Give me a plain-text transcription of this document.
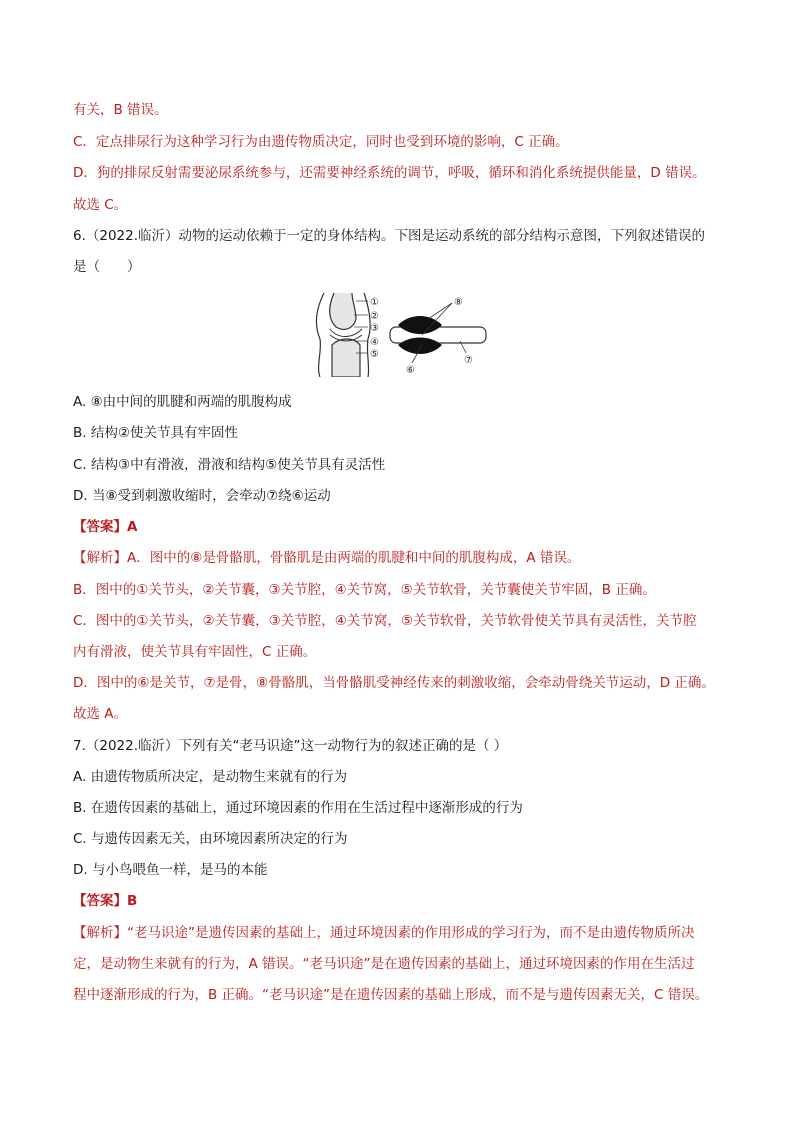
有关，B 错误。
C．定点排尿行为这种学习行为由遗传物质决定，同时也受到环境的影响，C 正确。
D．狗的排尿反射需要泌尿系统参与，还需要神经系统的调节，呼吸，循环和消化系统提供能量，D 错误。
故选 C。
6.（2022.临沂）动物的运动依赖于一定的身体结构。下图是运动系统的部分结构示意图，下列叙述错误的
是（　　）
①
②
③
④
⑤
⑧
⑥
⑦
A. ⑧由中间的肌腱和两端的肌腹构成
B. 结构②使关节具有牢固性
C. 结构③中有滑液，滑液和结构⑤使关节具有灵活性
D. 当⑧受到刺激收缩时，会牵动⑦绕⑥运动
【答案】A
【解析】A．图中的⑧是骨骼肌，骨骼肌是由两端的肌腱和中间的肌腹构成，A 错误。
B．图中的①关节头，②关节囊，③关节腔，④关节窝，⑤关节软骨，关节囊使关节牢固，B 正确。
C．图中的①关节头，②关节囊，③关节腔，④关节窝，⑤关节软骨，关节软骨使关节具有灵活性，关节腔
内有滑液，使关节具有牢固性，C 正确。
D．图中的⑥是关节，⑦是骨，⑧骨骼肌，当骨骼肌受神经传来的刺激收缩，会牵动骨绕关节运动，D 正确。
故选 A。
7.（2022.临沂）下列有关“老马识途”这一动物行为的叙述正确的是（ ）
A. 由遗传物质所决定，是动物生来就有的行为
B. 在遗传因素的基础上，通过环境因素的作用在生活过程中逐渐形成的行为
C. 与遗传因素无关，由环境因素所决定的行为
D. 与小鸟喂鱼一样，是马的本能
【答案】B
【解析】“老马识途”是遗传因素的基础上，通过环境因素的作用形成的学习行为，而不是由遗传物质所决
定，是动物生来就有的行为，A 错误。“老马识途”是在遗传因素的基础上，通过环境因素的作用在生活过
程中逐渐形成的行为，B 正确。“老马识途”是在遗传因素的基础上形成，而不是与遗传因素无关，C 错误。
